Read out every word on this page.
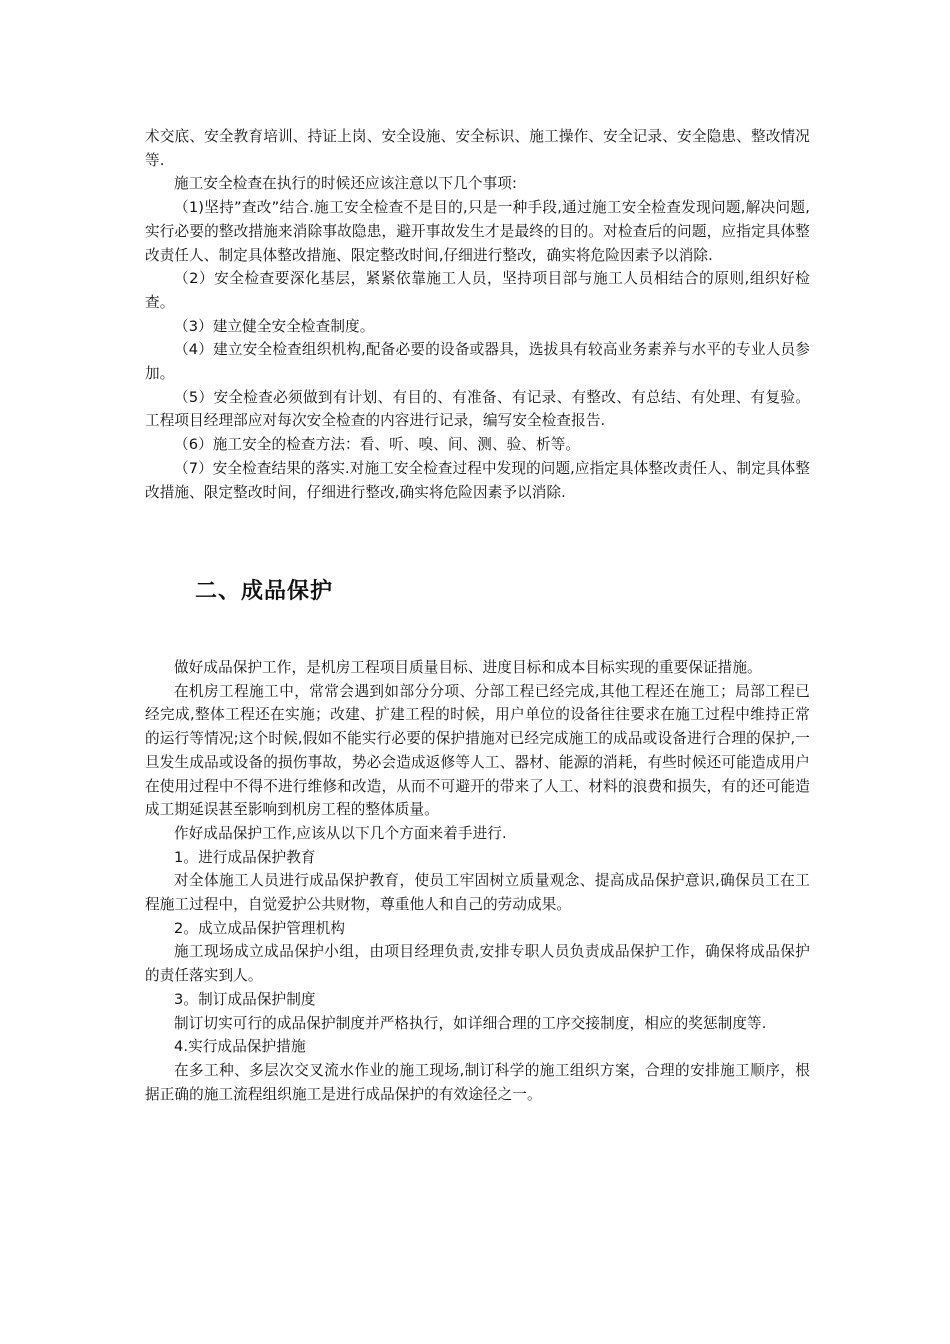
术交底、安全教育培训、持证上岗、安全设施、安全标识、施工操作、安全记录、安全隐患、整改情况等.

施工安全检查在执行的时候还应该注意以下几个事项:

（1)坚持”查改”结合.施工安全检查不是目的,只是一种手段,通过施工安全检查发现问题,解决问题,实行必要的整改措施来消除事故隐患，避开事故发生才是最终的目的。对检查后的问题，应指定具体整改责任人、制定具体整改措施、限定整改时间,仔细进行整改，确实将危险因素予以消除.

（2）安全检查要深化基层，紧紧依靠施工人员，坚持项目部与施工人员相结合的原则,组织好检查。

（3）建立健全安全检查制度。

（4）建立安全检查组织机构,配备必要的设备或器具，选拔具有较高业务素养与水平的专业人员参加。

（5）安全检查必须做到有计划、有目的、有准备、有记录、有整改、有总结、有处理、有复验。工程项目经理部应对每次安全检查的内容进行记录，编写安全检查报告.

（6）施工安全的检查方法：看、听、嗅、间、测、验、析等。

（7）安全检查结果的落实.对施工安全检查过程中发现的问题,应指定具体整改责任人、制定具体整改措施、限定整改时间，仔细进行整改,确实将危险因素予以消除.

二、成品保护

做好成品保护工作，是机房工程项目质量目标、进度目标和成本目标实现的重要保证措施。

在机房工程施工中，常常会遇到如部分分项、分部工程已经完成,其他工程还在施工；局部工程已经完成,整体工程还在实施；改建、扩建工程的时候，用户单位的设备往往要求在施工过程中维持正常的运行等情况;这个时候,假如不能实行必要的保护措施对已经完成施工的成品或设备进行合理的保护,一旦发生成品或设备的损伤事故，势必会造成返修等人工、器材、能源的消耗，有些时候还可能造成用户在使用过程中不得不进行维修和改造，从而不可避开的带来了人工、材料的浪费和损失，有的还可能造成工期延误甚至影响到机房工程的整体质量。

作好成品保护工作,应该从以下几个方面来着手进行.

1。进行成品保护教育

对全体施工人员进行成品保护教育，使员工牢固树立质量观念、提高成品保护意识,确保员工在工程施工过程中，自觉爱护公共财物，尊重他人和自己的劳动成果。

2。成立成品保护管理机构

施工现场成立成品保护小组，由项目经理负责,安排专职人员负责成品保护工作，确保将成品保护的责任落实到人。

3。制订成品保护制度

制订切实可行的成品保护制度并严格执行，如详细合理的工序交接制度，相应的奖惩制度等.

4.实行成品保护措施

在多工种、多层次交叉流水作业的施工现场,制订科学的施工组织方案，合理的安排施工顺序，根据正确的施工流程组织施工是进行成品保护的有效途径之一。
